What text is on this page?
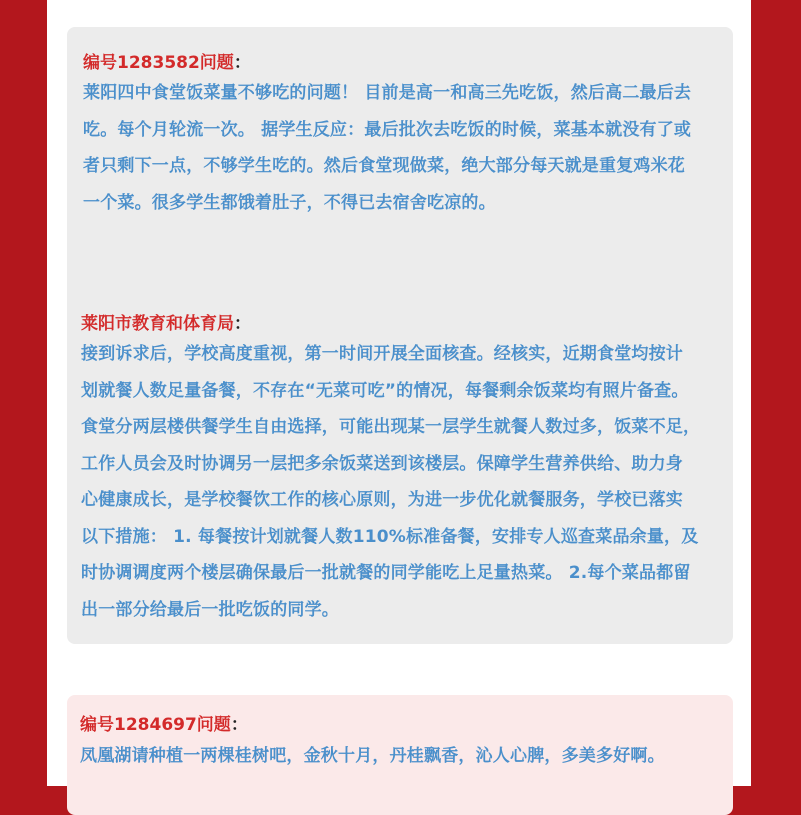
编号1283582问题：
莱阳四中食堂饭菜量不够吃的问题！ 目前是高一和高三先吃饭，然后高二最后去
吃。每个月轮流一次。 据学生反应：最后批次去吃饭的时候，菜基本就没有了或
者只剩下一点，不够学生吃的。然后食堂现做菜，绝大部分每天就是重复鸡米花
一个菜。很多学生都饿着肚子，不得已去宿舍吃凉的。
莱阳市教育和体育局：
接到诉求后，学校高度重视，第一时间开展全面核查。经核实，近期食堂均按计
划就餐人数足量备餐，不存在“无菜可吃”的情况，每餐剩余饭菜均有照片备查。
食堂分两层楼供餐学生自由选择，可能出现某一层学生就餐人数过多，饭菜不足，
工作人员会及时协调另一层把多余饭菜送到该楼层。保障学生营养供给、助力身
心健康成长，是学校餐饮工作的核心原则，为进一步优化就餐服务，学校已落实
以下措施： 1. 每餐按计划就餐人数110%标准备餐，安排专人巡查菜品余量，及
时协调调度两个楼层确保最后一批就餐的同学能吃上足量热菜。 2.每个菜品都留
出一部分给最后一批吃饭的同学。
编号1284697问题：
凤凰湖请种植一两棵桂树吧，金秋十月，丹桂飘香，沁人心脾，多美多好啊。
